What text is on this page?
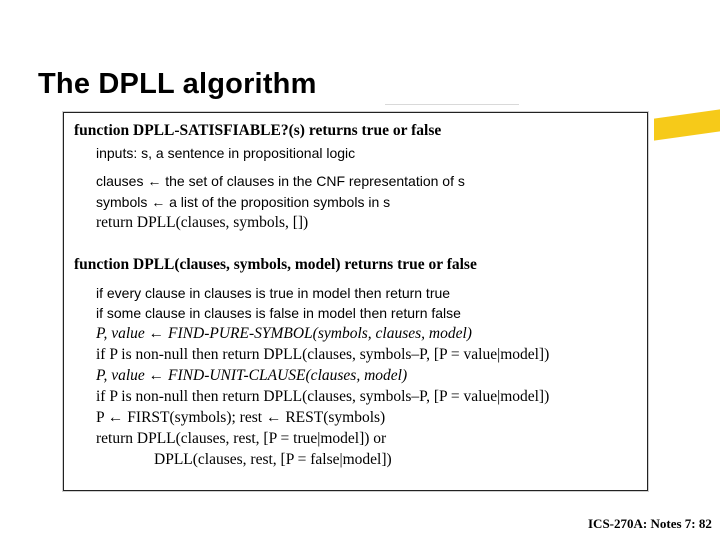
The DPLL algorithm
function DPLL-SATISFIABLE?(s) returns true or false
inputs: s, a sentence in propositional logic
clauses ← the set of clauses in the CNF representation of s
symbols ← a list of the proposition symbols in s
return DPLL(clauses, symbols, [])
function DPLL(clauses, symbols, model) returns true or false
if every clause in clauses is true in model then return true
if some clause in clauses is false in model then return false
P, value ← FIND-PURE-SYMBOL(symbols, clauses, model)
if P is non-null then return DPLL(clauses, symbols–P, [P = value|model])
P, value ← FIND-UNIT-CLAUSE(clauses, model)
if P is non-null then return DPLL(clauses, symbols–P, [P = value|model])
P ← FIRST(symbols); rest ← REST(symbols)
return DPLL(clauses, rest, [P = true|model]) or
DPLL(clauses, rest, [P = false|model])
ICS-270A: Notes 7: 82
